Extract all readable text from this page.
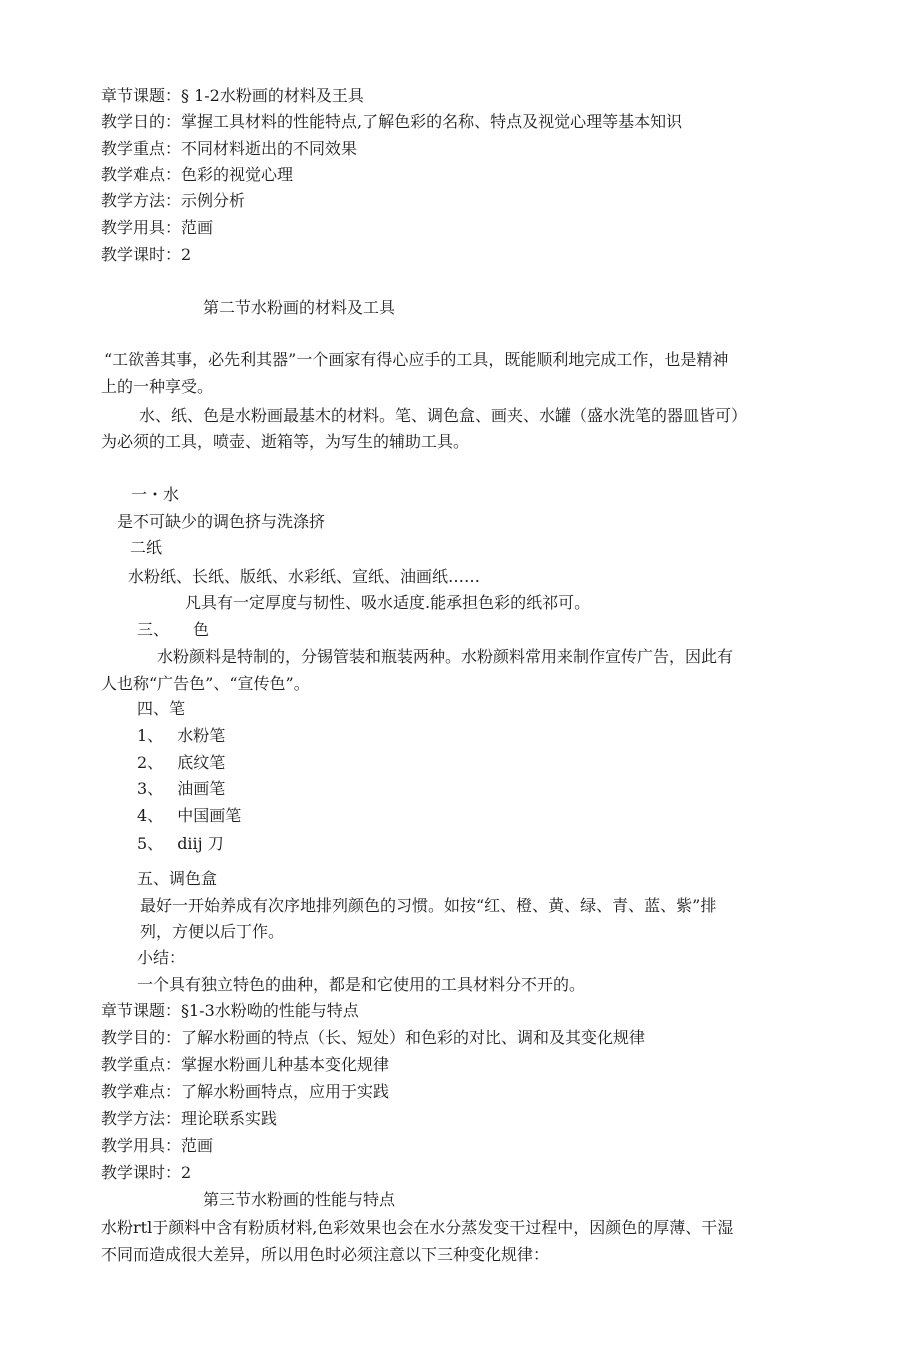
章节课题：§ 1-2水粉画的材料及王具
教学日的：掌握工具材料的性能特点,了解色彩的名称、特点及视觉心理等基本知识
教学重点：不同材料逝出的不同效果
教学难点：色彩的视觉心理
教学方法：示例分析
教学用具：范画
教学课时：2
第二节水粉画的材料及工具
“工欲善其事，必先利其器”一个画家有得心应手的工具，既能顺利地完成工作，也是精神
上的一种享受。
水、纸、色是水粉画最基木的材料。笔、调色盒、画夹、水罐（盛水洗笔的器皿皆可）
为必须的工具，喷壶、逝箱等，为写生的辅助工具。
一・水
是不可缺少的调色挤与洗涤挤
二纸
水粉纸、长纸、版纸、水彩纸、宣纸、油画纸……
凡具有一定厚度与韧性、吸水适度.能承担色彩的纸祁可。
三、 色
水粉颜料是特制的，分锡管装和瓶装两种。水粉颜料常用来制作宣传广告，因此有
人也称“广告色”、“宣传色”。
四、笔
1、 水粉笔
2、 底纹笔
3、 油画笔
4、 中国画笔
5、 diij 刀
五、调色盒
最好一开始养成有次序地排列颜色的习惯。如按“红、橙、黄、绿、青、蓝、紫”排
列，方便以后丁作。
小结：
一个具有独立特色的曲种，都是和它使用的工具材料分不开的。
章节课题：§1-3水粉呦的性能与特点
教学目的：了解水粉画的特点（长、短处）和色彩的对比、调和及其变化规律
教学重点：掌握水粉画儿种基本变化规律
教学难点：了解水粉画特点，应用于实践
教学方法：理论联系实践
教学用具：范画
教学课时：2
第三节水粉画的性能与特点
水粉rtl于颜料中含有粉质材料,色彩效果也会在水分蒸发变干过程中，因颜色的厚薄、干湿
不同而造成很大差异，所以用色时必须注意以下三种变化规律：
